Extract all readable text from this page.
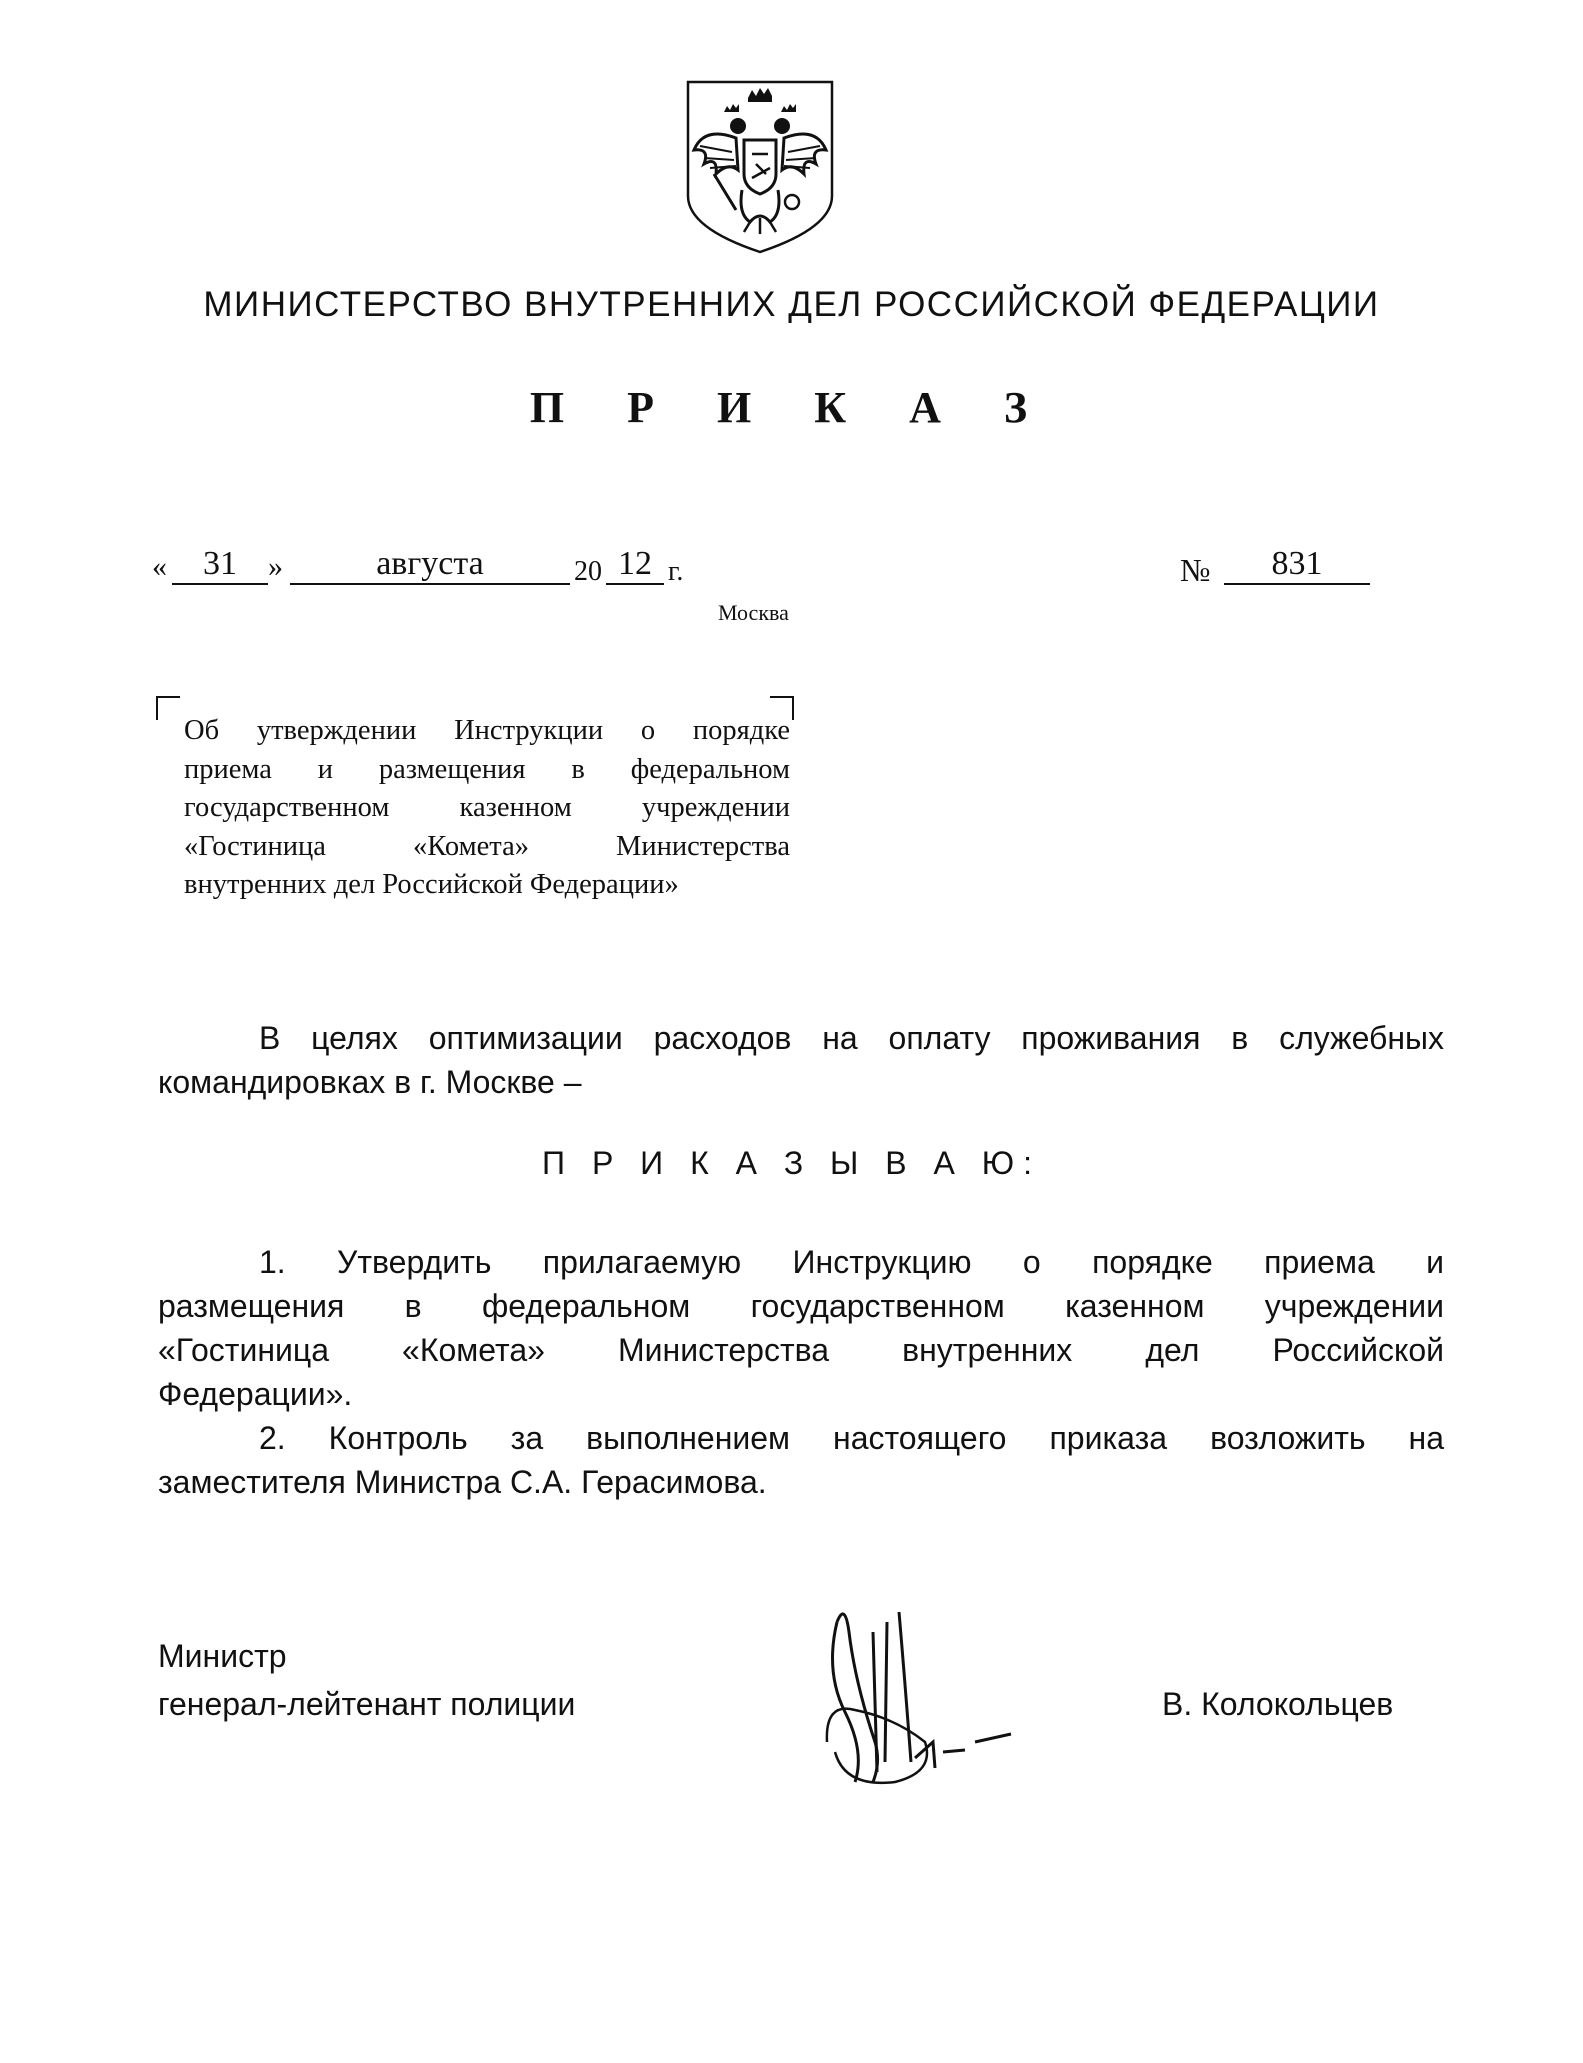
МИНИСТЕРСТВО ВНУТРЕННИХ ДЕЛ РОССИЙСКОЙ ФЕДЕРАЦИИ
П Р И К А З
«	31	»	августа	20 12 г.
Москва
№	831
Об утверждении Инструкции о порядке
приема и размещения в федеральном
государственном казенном учреждении
«Гостиница «Комета» Министерства
внутренних дел Российской Федерации»
В целях оптимизации расходов на оплату проживания в служебных
командировках в г. Москве –
П Р И К А З Ы В А Ю:
1. Утвердить прилагаемую Инструкцию о порядке приема и
размещения в федеральном государственном казенном учреждении
«Гостиница «Комета» Министерства внутренних дел Российской
Федерации».
2. Контроль за выполнением настоящего приказа возложить на
заместителя Министра С.А. Герасимова.
Министр
генерал-лейтенант полиции	В. Колокольцев
